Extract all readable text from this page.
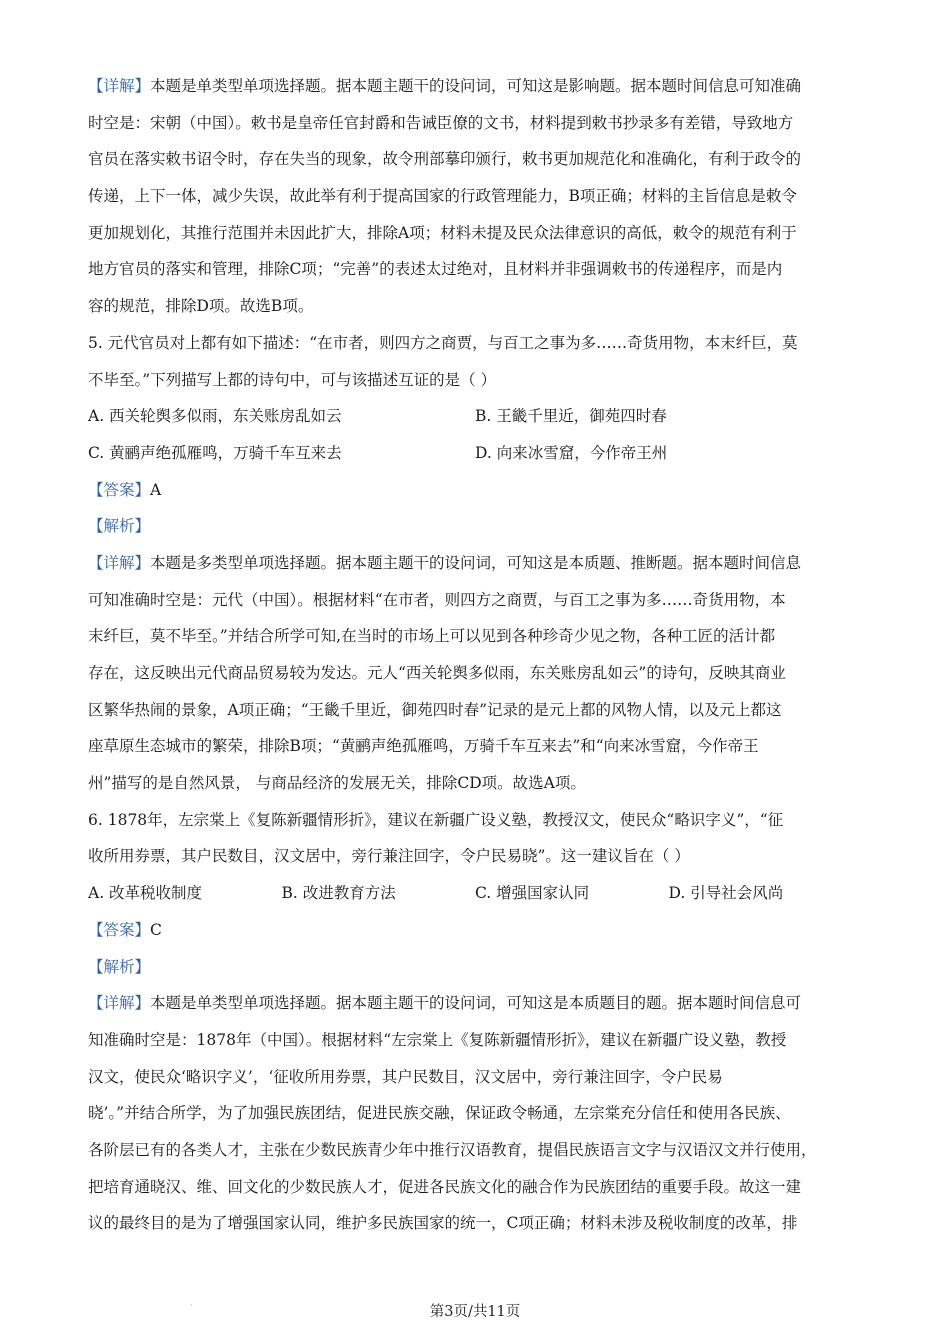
【详解】本题是单类型单项选择题。据本题主题干的设问词，可知这是影响题。据本题时间信息可知准确
时空是：宋朝（中国）。敕书是皇帝任官封爵和告诫臣僚的文书，材料提到敕书抄录多有差错，导致地方
官员在落实敕书诏令时，存在失当的现象，故令刑部摹印颁行，敕书更加规范化和准确化，有利于政令的
传递，上下一体，减少失误，故此举有利于提高国家的行政管理能力，B项正确；材料的主旨信息是敕令
更加规划化，其推行范围并未因此扩大，排除A项；材料未提及民众法律意识的高低，敕令的规范有利于
地方官员的落实和管理，排除C项；“完善”的表述太过绝对，且材料并非强调敕书的传递程序，而是内
容的规范，排除D项。故选B项。
5. 元代官员对上都有如下描述：“在市者，则四方之商贾，与百工之事为多……奇货用物，本末纤巨，莫
不毕至。”下列描写上都的诗句中，可与该描述互证的是（ ）
A. 西关轮舆多似雨，东关账房乱如云	B. 王畿千里近，御苑四时春
C. 黄鹂声绝孤雁鸣，万骑千车互来去	D. 向来冰雪窟，今作帝王州
【答案】A
【解析】
【详解】本题是多类型单项选择题。据本题主题干的设问词，可知这是本质题、推断题。据本题时间信息
可知准确时空是：元代（中国）。根据材料“在市者，则四方之商贾，与百工之事为多……奇货用物，本
末纤巨，莫不毕至。”并结合所学可知,在当时的市场上可以见到各种珍奇少见之物，各种工匠的活计都
存在，这反映出元代商品贸易较为发达。元人“西关轮舆多似雨，东关账房乱如云”的诗句，反映其商业
区繁华热闹的景象，A项正确；“王畿千里近，御苑四时春”记录的是元上都的风物人情，以及元上都这
座草原生态城市的繁荣，排除B项；“黄鹂声绝孤雁鸣，万骑千车互来去”和“向来冰雪窟，今作帝王
州”描写的是自然风景， 与商品经济的发展无关，排除CD项。故选A项。
6. 1878年，左宗棠上《复陈新疆情形折》，建议在新疆广设义塾，教授汉文，使民众“略识字义”，“征
收所用券票，其户民数目，汉文居中，旁行兼注回字，令户民易晓”。这一建议旨在（ ）
A. 改革税收制度	B. 改进教育方法	C. 增强国家认同	D. 引导社会风尚
【答案】C
【解析】
【详解】本题是单类型单项选择题。据本题主题干的设问词，可知这是本质题目的题。据本题时间信息可
知准确时空是：1878年（中国）。根据材料“左宗棠上《复陈新疆情形折》，建议在新疆广设义塾，教授
汉文，使民众‘略识字义’，‘征收所用券票，其户民数目，汉文居中，旁行兼注回字，令户民易
晓’。”并结合所学，为了加强民族团结，促进民族交融，保证政令畅通，左宗棠充分信任和使用各民族、
各阶层已有的各类人才，主张在少数民族青少年中推行汉语教育，提倡民族语言文字与汉语汉文并行使用，
把培育通晓汉、维、回文化的少数民族人才，促进各民族文化的融合作为民族团结的重要手段。故这一建
议的最终目的是为了增强国家认同，维护多民族国家的统一，C项正确；材料未涉及税收制度的改革，排
·	第3页/共11页
